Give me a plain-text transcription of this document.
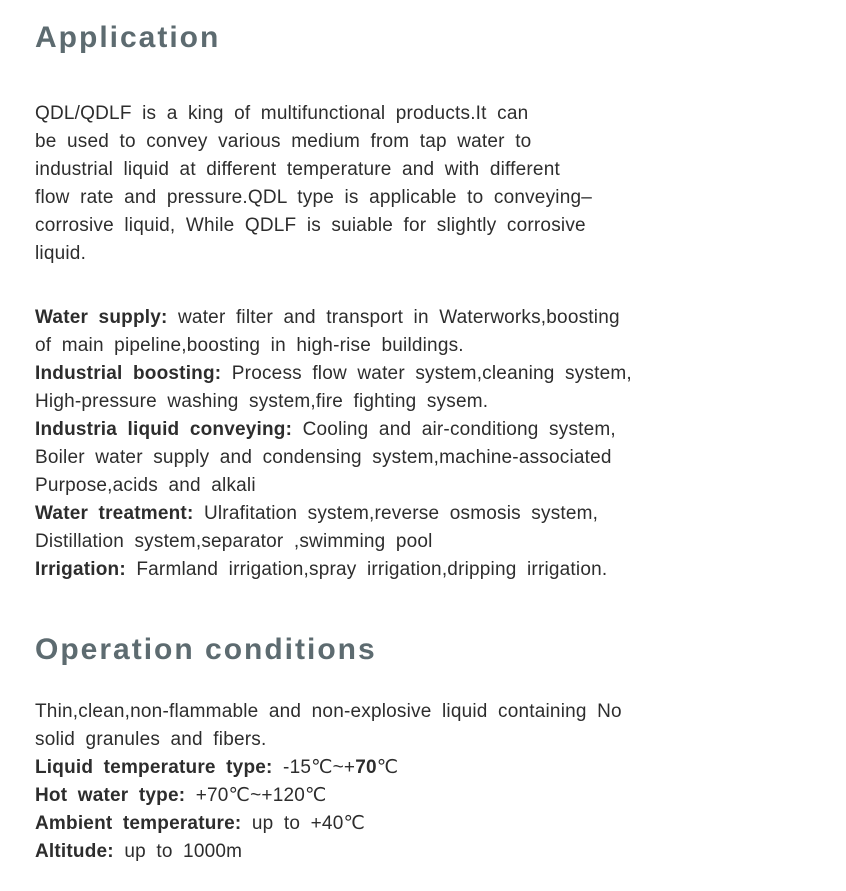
Application
QDL/QDLF is a king of multifunctional products.It can
be used to convey various medium from tap water to
industrial liquid at different temperature and with different
flow rate and pressure.QDL type is applicable to conveying–
corrosive liquid, While QDLF is suiable for slightly corrosive
liquid.
Water supply: water filter and transport in Waterworks,boosting
of main pipeline,boosting in high-rise buildings.
Industrial boosting: Process flow water system,cleaning system,
High-pressure washing system,fire fighting sysem.
Industria liquid conveying: Cooling and air-conditiong system,
Boiler water supply and condensing system,machine-associated
Purpose,acids and alkali
Water treatment: Ulrafitation system,reverse osmosis system,
Distillation system,separator ,swimming pool
Irrigation: Farmland irrigation,spray irrigation,dripping irrigation.
Operation conditions
Thin,clean,non-flammable and non-explosive liquid containing No
solid granules and fibers.
Liquid temperature type: -15℃~+70℃
Hot water type: +70℃~+120℃
Ambient temperature: up to +40℃
Altitude: up to 1000m
